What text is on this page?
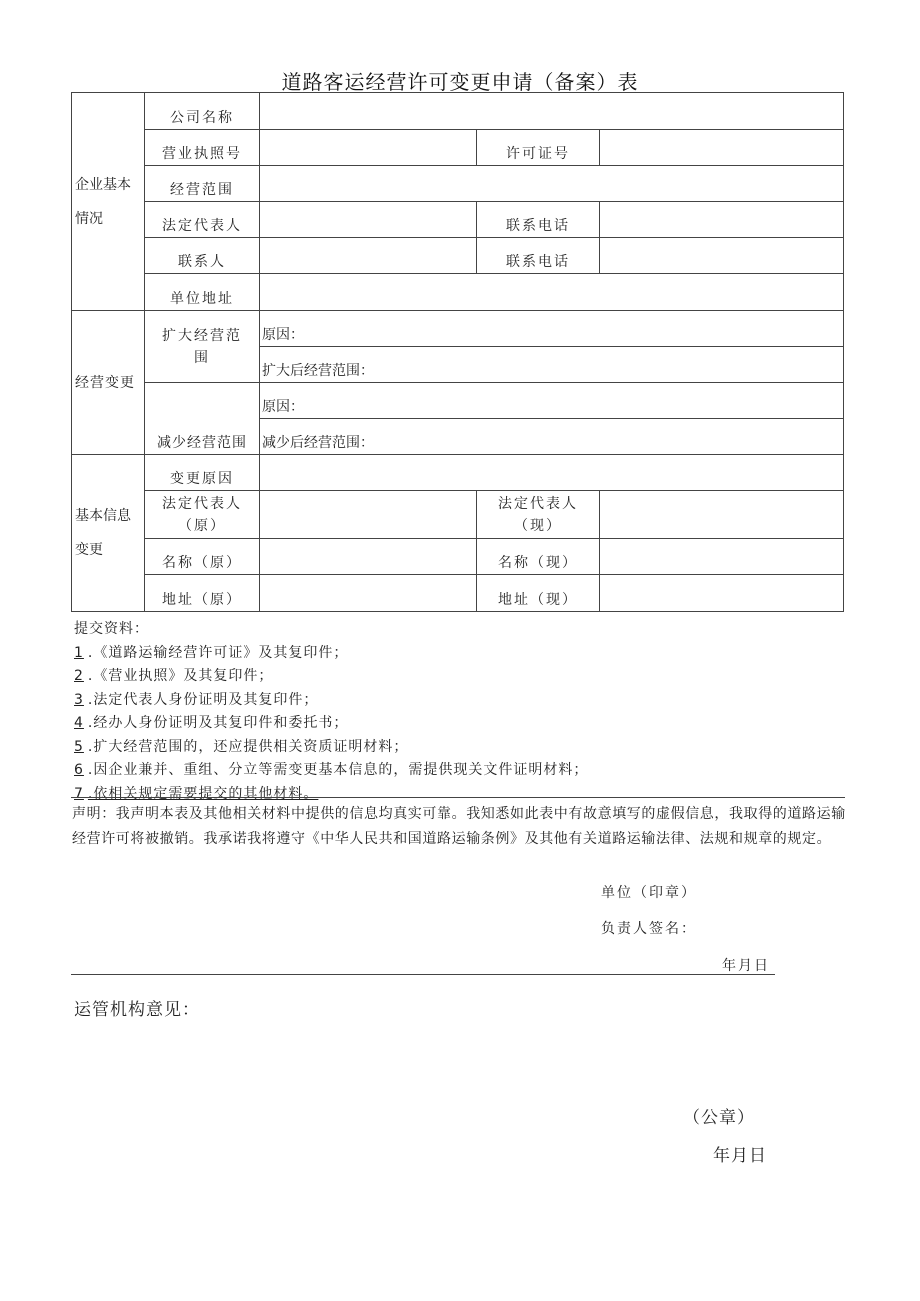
道路客运经营许可变更申请（备案）表
企业基本情况	公司名称			
	营业执照号		许可证号	
	经营范围			
	法定代表人		联系电话	
	联系人		联系电话	
	单位地址			
经营变更	扩大经营范围	原因：		
		扩大后经营范围：		
	减少经营范围	原因：		
		减少后经营范围：		
基本信息变更	变更原因			
	法定代表人（原）		法定代表人（现）	
	名称（原）		名称（现）	
	地址（原）		地址（现）	
提交资料：
1 .《道路运输经营许可证》及其复印件；
2 .《营业执照》及其复印件；
3 .法定代表人身份证明及其复印件；
4 .经办人身份证明及其复印件和委托书；
5 .扩大经营范围的，还应提供相关资质证明材料；
6 .因企业兼并、重组、分立等需变更基本信息的，需提供现关文件证明材料；
7 .依相关规定需要提交的其他材料。
声明：我声明本表及其他相关材料中提供的信息均真实可靠。我知悉如此表中有故意填写的虚假信息，我取得的道路运输经营许可将被撤销。我承诺我将遵守《中华人民共和国道路运输条例》及其他有关道路运输法律、法规和规章的规定。
单位（印章）
负责人签名：
年月日
运管机构意见：
（公章）
年月日
